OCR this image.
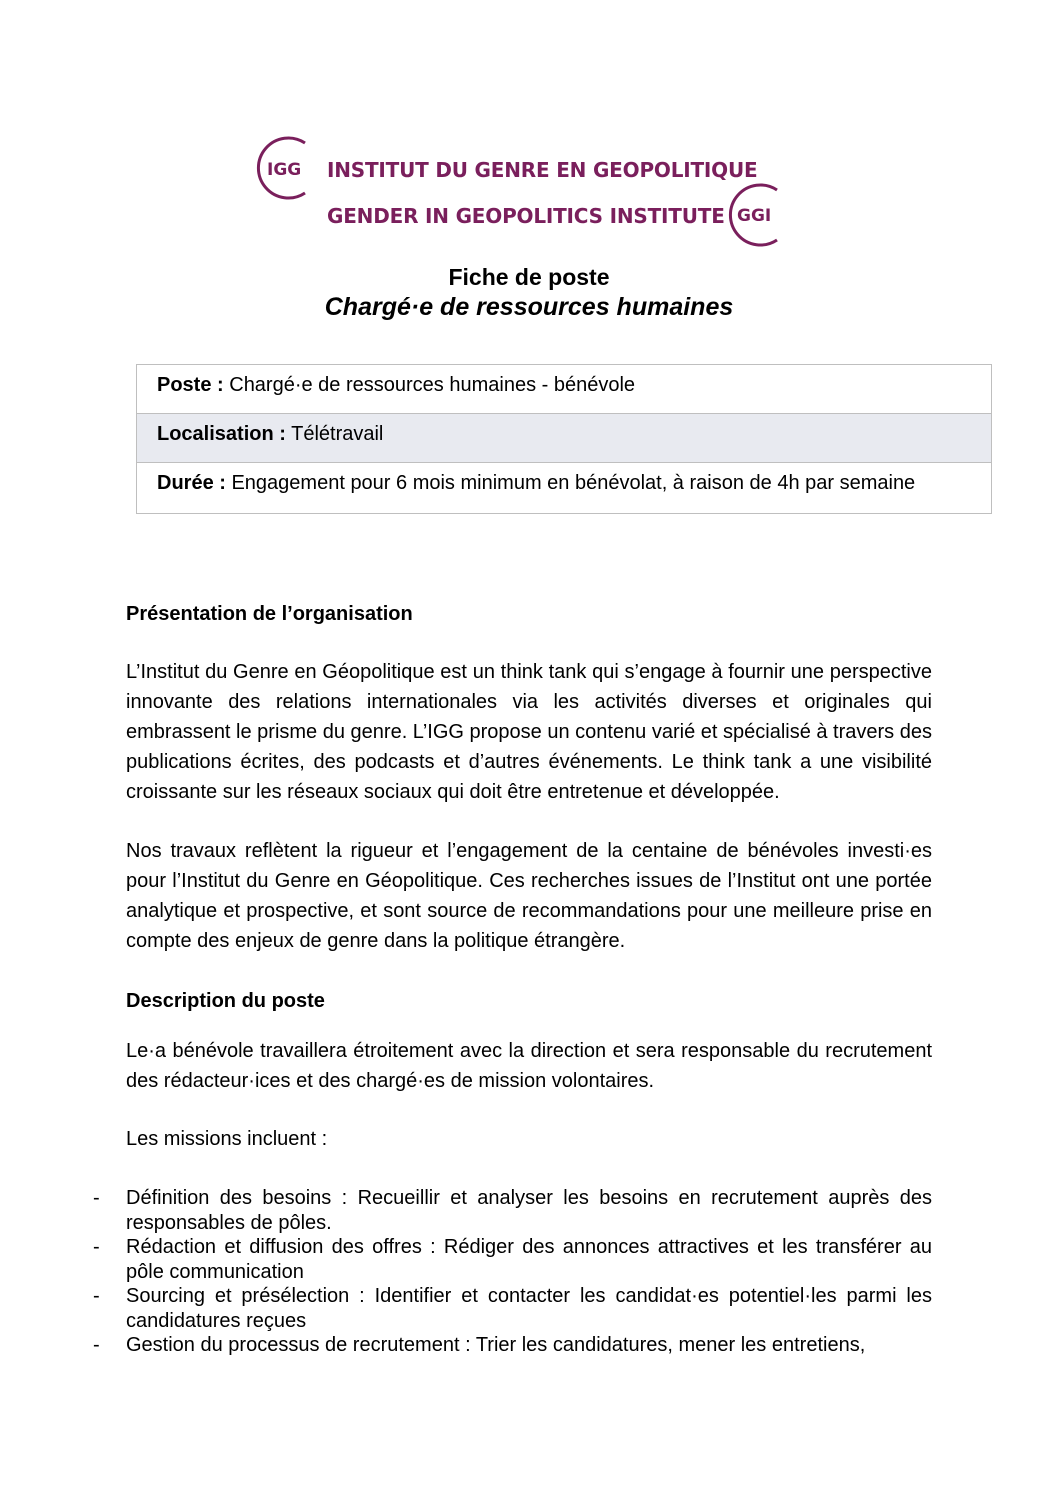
IGG INSTITUT DU GENRE EN GEOPOLITIQUE
GENDER IN GEOPOLITICS INSTITUTE GGI
Fiche de poste
Chargé·e de ressources humaines
Poste : Chargé·e de ressources humaines - bénévole
Localisation : Télétravail
Durée : Engagement pour 6 mois minimum en bénévolat, à raison de 4h par semaine
Présentation de l’organisation

L’Institut du Genre en Géopolitique est un think tank qui s’engage à fournir une perspective innovante des relations internationales via les activités diverses et originales qui embrassent le prisme du genre. L’IGG propose un contenu varié et spécialisé à travers des publications écrites, des podcasts et d’autres événements. Le think tank a une visibilité croissante sur les réseaux sociaux qui doit être entretenue et développée.

Nos travaux reflètent la rigueur et l’engagement de la centaine de bénévoles investi·es pour l’Institut du Genre en Géopolitique. Ces recherches issues de l’Institut ont une portée analytique et prospective, et sont source de recommandations pour une meilleure prise en compte des enjeux de genre dans la politique étrangère.

Description du poste

Le·a bénévole travaillera étroitement avec la direction et sera responsable du recrutement des rédacteur·ices et des chargé·es de mission volontaires.

Les missions incluent :

- Définition des besoins : Recueillir et analyser les besoins en recrutement auprès des responsables de pôles.
- Rédaction et diffusion des offres : Rédiger des annonces attractives et les transférer au pôle communication
- Sourcing et présélection : Identifier et contacter les candidat·es potentiel·les parmi les candidatures reçues
- Gestion du processus de recrutement : Trier les candidatures, mener les entretiens,
